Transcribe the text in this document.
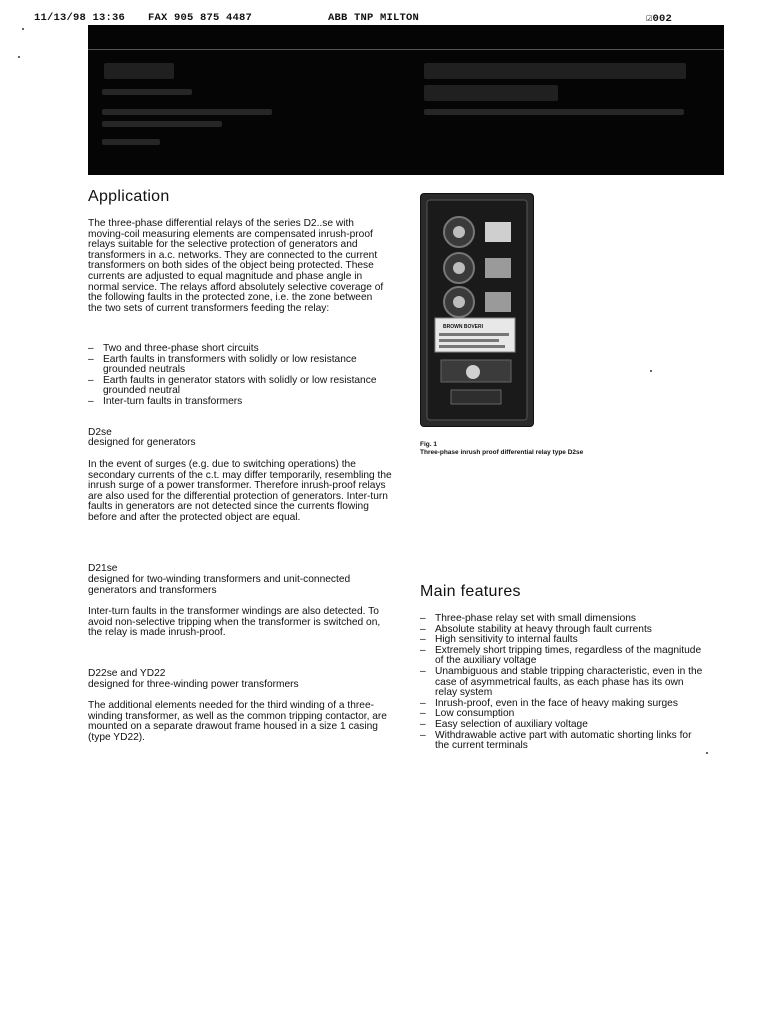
11/13/98 13:36 FAX 905 875 4487	ABB TNP MILTON	☑002
Application

The three-phase differential relays of the series D2..se with moving-coil measuring elements are compensated inrush-proof relays suitable for the selective protection of generators and transformers in a.c. networks. They are connected to the current transformers on both sides of the object being protected. These currents are adjusted to equal magnitude and phase angle in normal service. The relays afford absolutely selective coverage of the following faults in the protected zone, i.e. the zone between the two sets of current transformers feeding the relay:

– Two and three-phase short circuits
– Earth faults in transformers with solidly or low resistance grounded neutrals
– Earth faults in generator stators with solidly or low resistance grounded neutral
– Inter-turn faults in transformers

D2se

designed for generators

In the event of surges (e.g. due to switching operations) the secondary currents of the c.t. may differ temporarily, resembling the inrush surge of a power transformer. Therefore inrush-proof relays are also used for the differential protection of generators. Inter-turn faults in generators are not detected since the currents flowing before and after the protected object are equal.

D21se

designed for two-winding transformers and unit-connected generators and transformers

Inter-turn faults in the transformer windings are also detected. To avoid non-selective tripping when the transformer is switched on, the relay is made inrush-proof.

D22se and YD22

designed for three-winding power transformers

The additional elements needed for the third winding of a three-winding transformer, as well as the common tripping contactor, are mounted on a separate drawout frame housed in a size 1 casing (type YD22).

BROWN BOVERI
Fig. 1
Three-phase inrush proof differential relay type D2se
Main features
– Three-phase relay set with small dimensions
– Absolute stability at heavy through fault currents
– High sensitivity to internal faults
– Extremely short tripping times, regardless of the magnitude of the auxiliary voltage
– Unambiguous and stable tripping characteristic, even in the case of asymmetrical faults, as each phase has its own relay system
– Inrush-proof, even in the face of heavy making surges
– Low consumption
– Easy selection of auxiliary voltage
– Withdrawable active part with automatic shorting links for the current terminals
